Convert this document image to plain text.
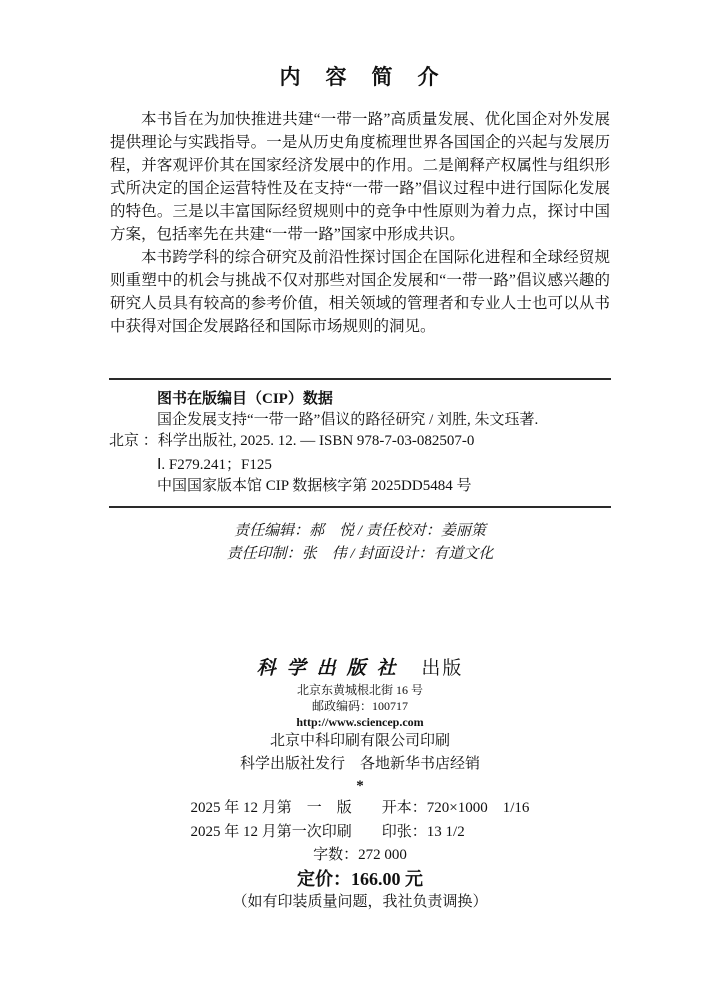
内　容　简　介

本书旨在为加快推进共建“一带一路”高质量发展、优化国企对外发展提供理论与实践指导。一是从历史角度梳理世界各国国企的兴起与发展历程，并客观评价其在国家经济发展中的作用。二是阐释产权属性与组织形式所决定的国企运营特性及在支持“一带一路”倡议过程中进行国际化发展的特色。三是以丰富国际经贸规则中的竞争中性原则为着力点，探讨中国方案，包括率先在共建“一带一路”国家中形成共识。

本书跨学科的综合研究及前沿性探讨国企在国际化进程和全球经贸规则重塑中的机会与挑战不仅对那些对国企发展和“一带一路”倡议感兴趣的研究人员具有较高的参考价值，相关领域的管理者和专业人士也可以从书中获得对国企发展路径和国际市场规则的洞见。

图书在版编目（CIP）数据

国企发展支持“一带一路”倡议的路径研究 / 刘胜, 朱文珏著.

北京 ：科学出版社, 2025. 12. — ISBN 978-7-03-082507-0

Ⅰ. F279.241；F125

中国国家版本馆 CIP 数据核字第 2025DD5484 号

责任编辑：郝　悦 / 责任校对：姜丽策

责任印制：张　伟 / 封面设计：有道文化

科学出版社 出版

北京东黄城根北街 16 号

邮政编码：100717

http://www.sciencep.com

北京中科印刷有限公司印刷

科学出版社发行　各地新华书店经销

*

2025 年 12 月第　一　版　　开本：720×1000　1/16

2025 年 12 月第一次印刷　　印张：13 1/2

字数：272 000

定价：166.00 元

（如有印装质量问题，我社负责调换）
